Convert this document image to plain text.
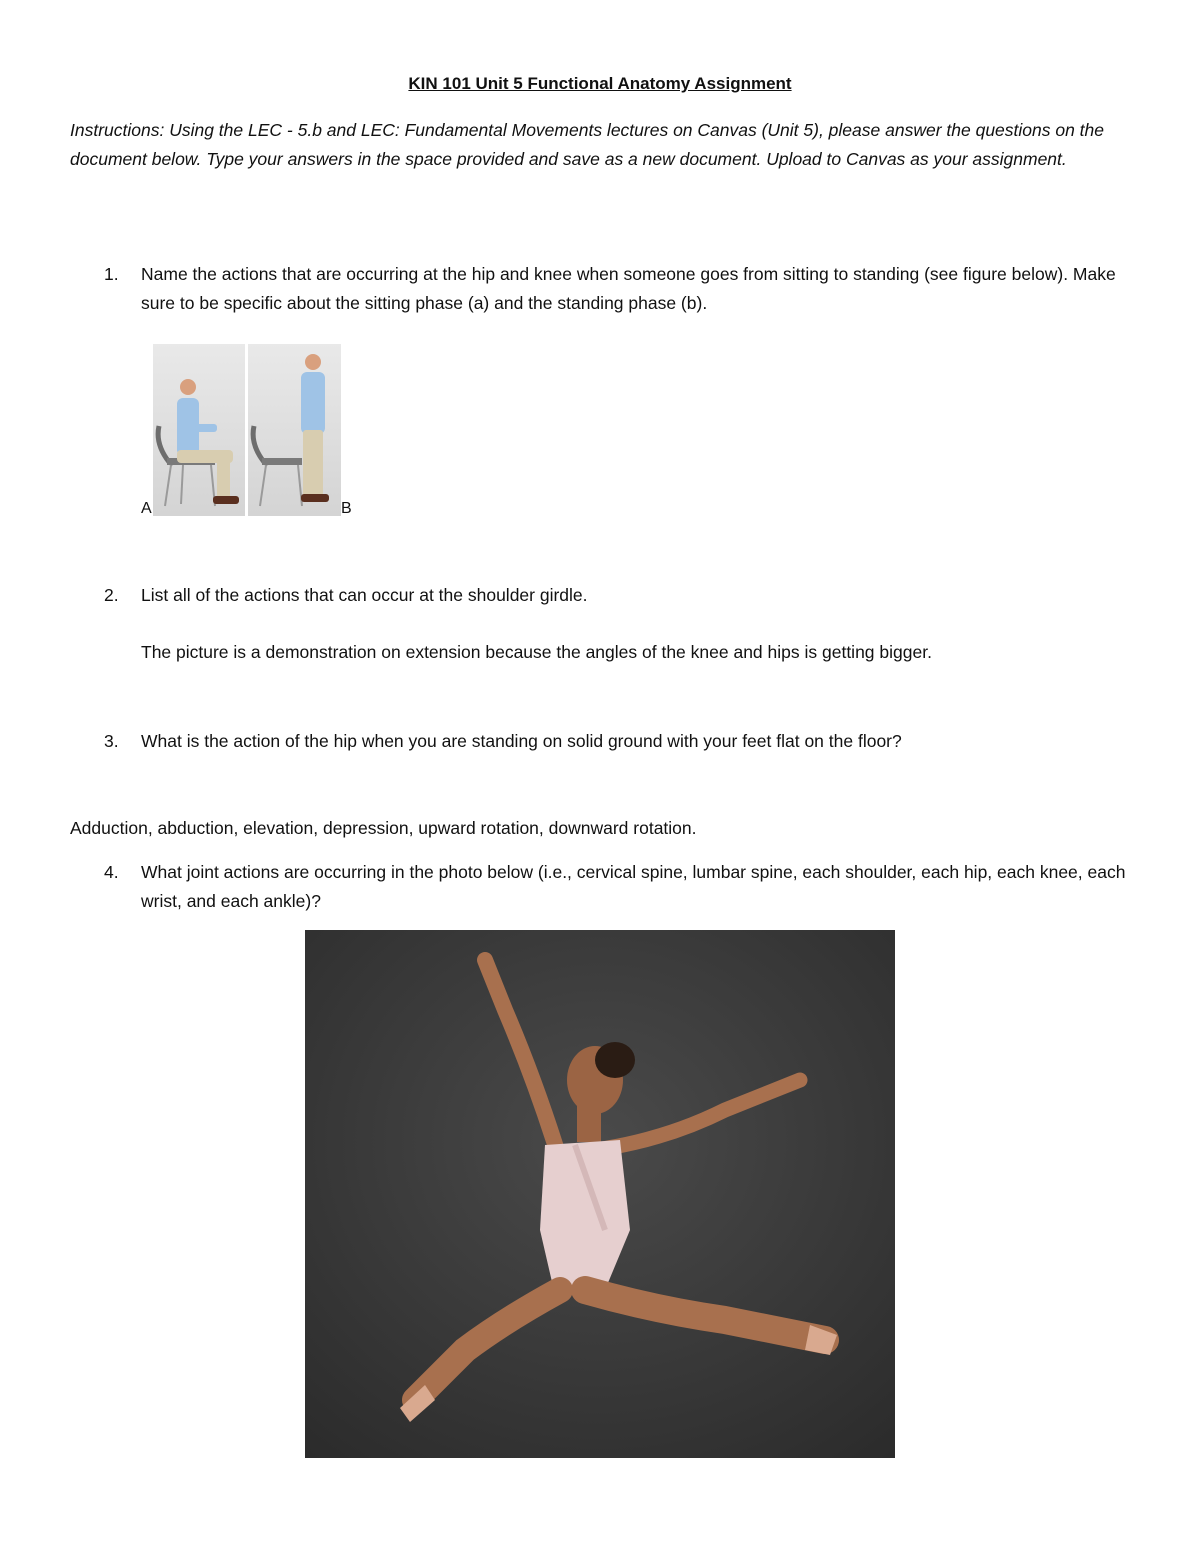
KIN 101 Unit 5 Functional Anatomy Assignment
Instructions: Using the LEC - 5.b and LEC: Fundamental Movements lectures on Canvas (Unit 5), please answer the questions on the document below. Type your answers in the space provided and save as a new document. Upload to Canvas as your assignment.
1. Name the actions that are occurring at the hip and knee when someone goes from sitting to standing (see figure below). Make sure to be specific about the sitting phase (a) and the standing phase (b).
A	B
2. List all of the actions that can occur at the shoulder girdle.
The picture is a demonstration on extension because the angles of the knee and hips is getting bigger.
3. What is the action of the hip when you are standing on solid ground with your feet flat on the floor?
Adduction, abduction, elevation, depression, upward rotation, downward rotation.
4. What joint actions are occurring in the photo below (i.e., cervical spine, lumbar spine, each shoulder, each hip, each knee, each wrist, and each ankle)?
